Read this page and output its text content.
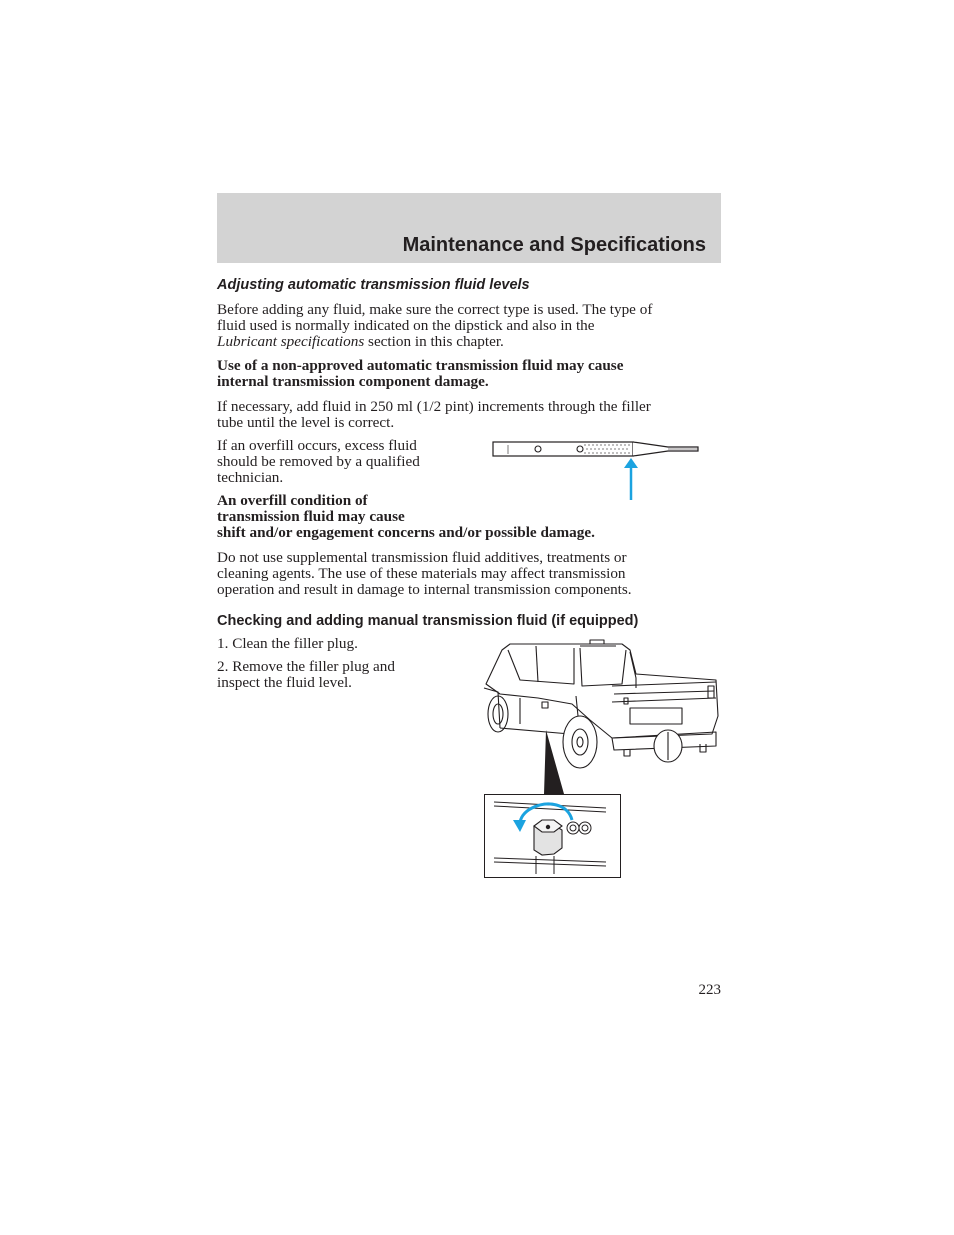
Maintenance and Specifications
Adjusting automatic transmission fluid levels
Before adding any fluid, make sure the correct type is used. The type of
fluid used is normally indicated on the dipstick and also in the
Lubricant specifications section in this chapter.
Use of a non-approved automatic transmission fluid may cause
internal transmission component damage.
If necessary, add fluid in 250 ml (1/2 pint) increments through the filler
tube until the level is correct.
If an overfill occurs, excess fluid
should be removed by a qualified
technician.
An overfill condition of
transmission fluid may cause
shift and/or engagement concerns and/or possible damage.
Do not use supplemental transmission fluid additives, treatments or
cleaning agents. The use of these materials may affect transmission
operation and result in damage to internal transmission components.
Checking and adding manual transmission fluid (if equipped)
1. Clean the filler plug.
2. Remove the filler plug and
inspect the fluid level.
223
